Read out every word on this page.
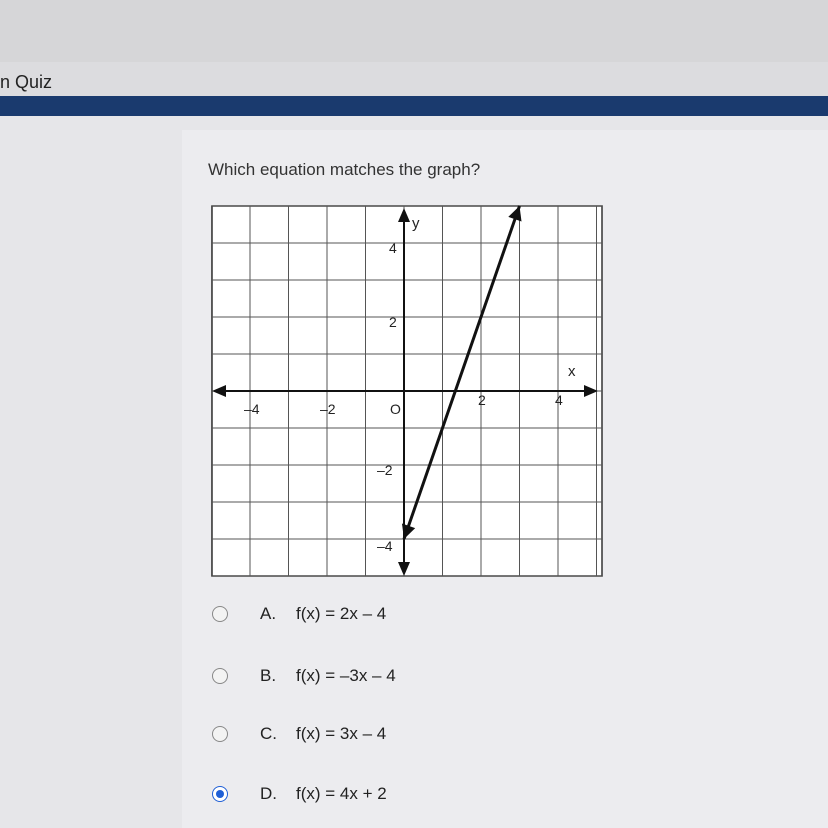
n Quiz
Which equation matches the graph?
y
x
–4	–2	O
2	4
4
2
–2
–4
A. f(x) = 2x – 4
B. f(x) = –3x – 4
C. f(x) = 3x – 4
D. f(x) = 4x + 2
